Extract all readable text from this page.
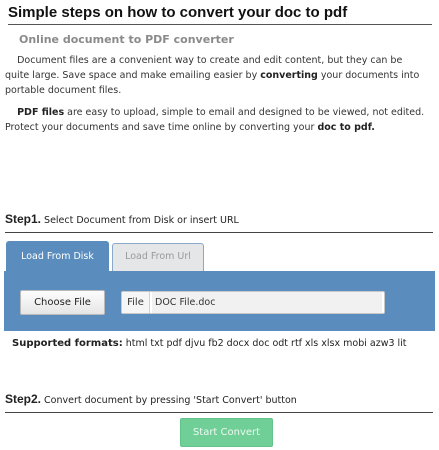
Simple steps on how to convert your doc to pdf
Online document to PDF converter
Document files are a convenient way to create and edit content, but they can be quite large. Save space and make emailing easier by converting your documents into portable document files.
PDF files are easy to upload, simple to email and designed to be viewed, not edited. Protect your documents and save time online by converting your doc to pdf.
Step1. Select Document from Disk or insert URL
Load From Disk	Load From Url
Choose File	File
DOC File.doc
Supported formats: html txt pdf djvu fb2 docx doc odt rtf xls xlsx mobi azw3 lit
Step2. Convert document by pressing 'Start Convert' button
Start Convert
